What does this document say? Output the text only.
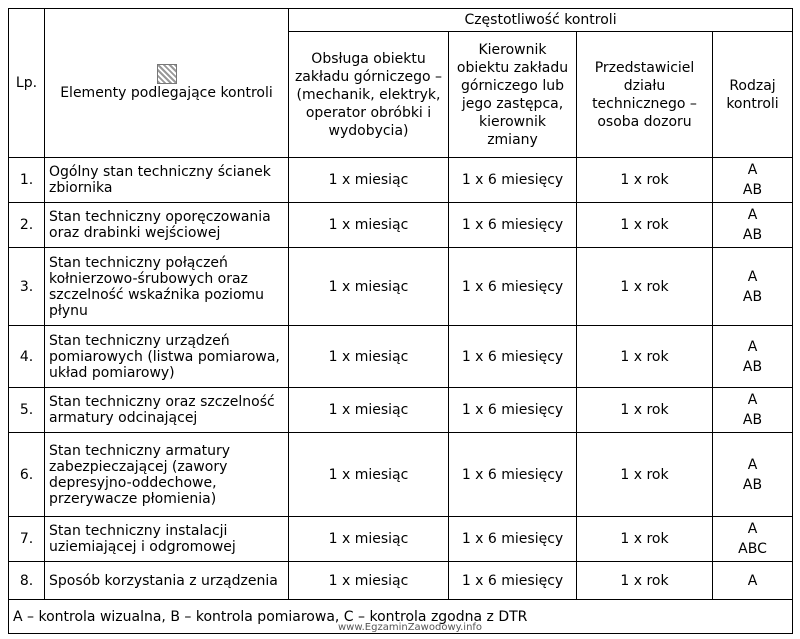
Lp.	Elementy podlegające kontroli	Częstotliwość kontroli			
		Obsługa obiektu zakładu górniczego – (mechanik, elektryk, operator obróbki i wydobycia)	Kierownik obiektu zakładu górniczego lub jego zastępca, kierownik zmiany	Przedstawiciel działu technicznego – osoba dozoru	Rodzaj kontroli
1.	Ogólny stan techniczny ścianek zbiornika	1 x miesiąc	1 x 6 miesięcy	1 x rok	A
AB

2.	Stan techniczny oporęczowania oraz drabinki wejściowej	1 x miesiąc	1 x 6 miesięcy	1 x rok	A
AB

3.	Stan techniczny połączeń kołnierzowo-śrubowych oraz szczelność wskaźnika poziomu płynu	1 x miesiąc	1 x 6 miesięcy	1 x rok	A
AB

4.	Stan techniczny urządzeń pomiarowych (listwa pomiarowa, układ pomiarowy)	1 x miesiąc	1 x 6 miesięcy	1 x rok	A
AB

5.	Stan techniczny oraz szczelność armatury odcinającej	1 x miesiąc	1 x 6 miesięcy	1 x rok	A
AB

6.	Stan techniczny armatury zabezpieczającej (zawory depresyjno-oddechowe, przerywacze płomienia)	1 x miesiąc	1 x 6 miesięcy	1 x rok	A
AB

7.	Stan techniczny instalacji uziemiającej i odgromowej	1 x miesiąc	1 x 6 miesięcy	1 x rok	A
ABC

8.	Sposób korzystania z urządzenia	1 x miesiąc	1 x 6 miesięcy	1 x rok	A

A – kontrola wizualna, B – kontrola pomiarowa, C – kontrola zgodna z DTR					
www.EgzaminZawodowy.info
